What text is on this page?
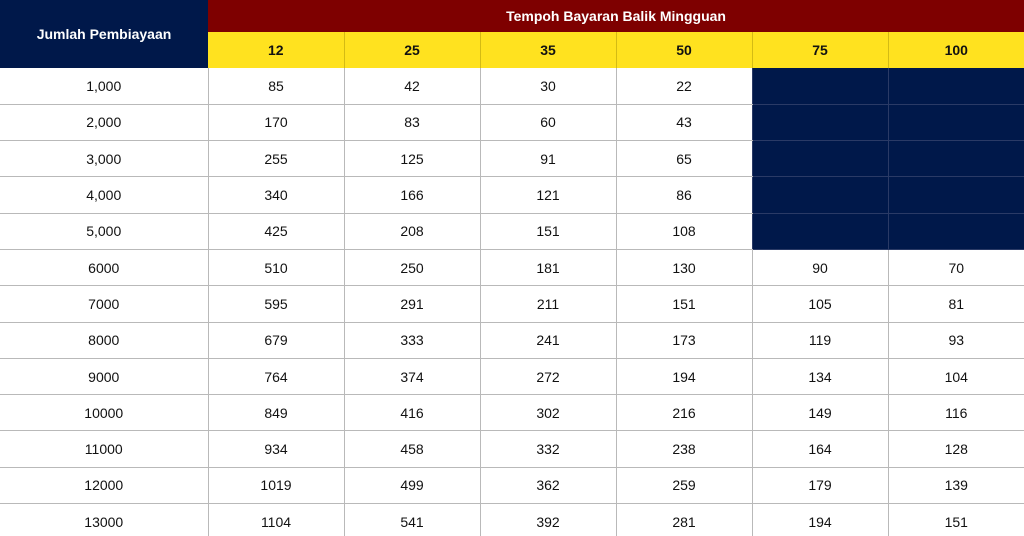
Jumlah Pembiayaan	Tempoh Bayaran Balik Mingguan					
	12	25	35	50	75	100
1,000	85	42	30	22		
2,000	170	83	60	43		
3,000	255	125	91	65		
4,000	340	166	121	86		
5,000	425	208	151	108		
6000	510	250	181	130	90	70
7000	595	291	211	151	105	81
8000	679	333	241	173	119	93
9000	764	374	272	194	134	104
10000	849	416	302	216	149	116
11000	934	458	332	238	164	128
12000	1019	499	362	259	179	139
13000	1104	541	392	281	194	151
